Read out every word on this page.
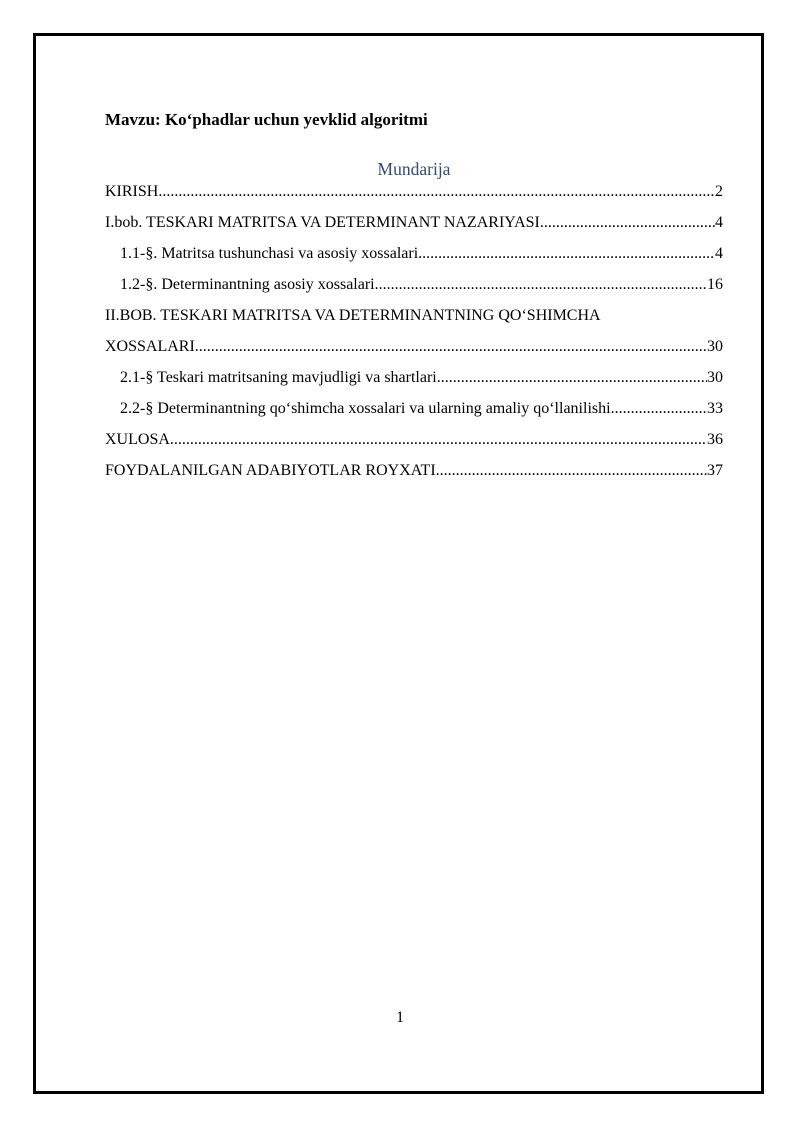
Mavzu: Ko‘phadlar uchun yevklid algoritmi
Mundarija
KIRISH .....	2
I.bob. TESKARI MATRITSA VA DETERMINANT NAZARIYASI .....	4
1.1-§. Matritsa tushunchasi va asosiy xossalari .....	4
1.2-§. Determinantning asosiy xossalari .....	16
II.BOB. TESKARI MATRITSA VA DETERMINANTNING QO‘SHIMCHA
XOSSALARI .....	30
2.1-§ Teskari matritsaning mavjudligi va shartlari .....	30
2.2-§ Determinantning qo‘shimcha xossalari va ularning amaliy qo‘llanilishi .....	33
XULOSA .....	36
FOYDALANILGAN ADABIYOTLAR ROYXATI .....	37
1
